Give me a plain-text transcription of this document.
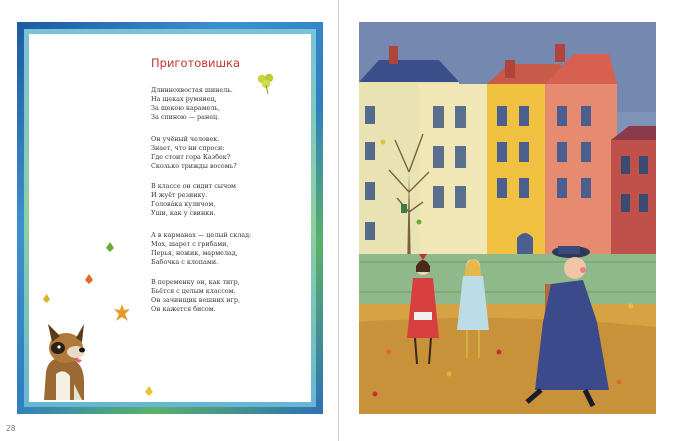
Приготовишка
Длиннохвостая шинель.
На щеках румянец,
За щекою карамель,
За спиною — ранец.
Он учёный человек.
Знает, что ни спроси:
Где стоит гора Казбек?
Сколько трижды восемь?
В классе он сидит сычом
И жуёт резинку.
Голова́ка куличом,
Уши, как у свинки.
А в карманах — целый склад:
Мох, шарет с грибами,
Перья, ножик, мармелад,
Бабочка с клопами.
В переменку он, как тигр,
Бьётся с целым классом.
Он зачинщик вешних игр,
Он кажется бисом.
28
